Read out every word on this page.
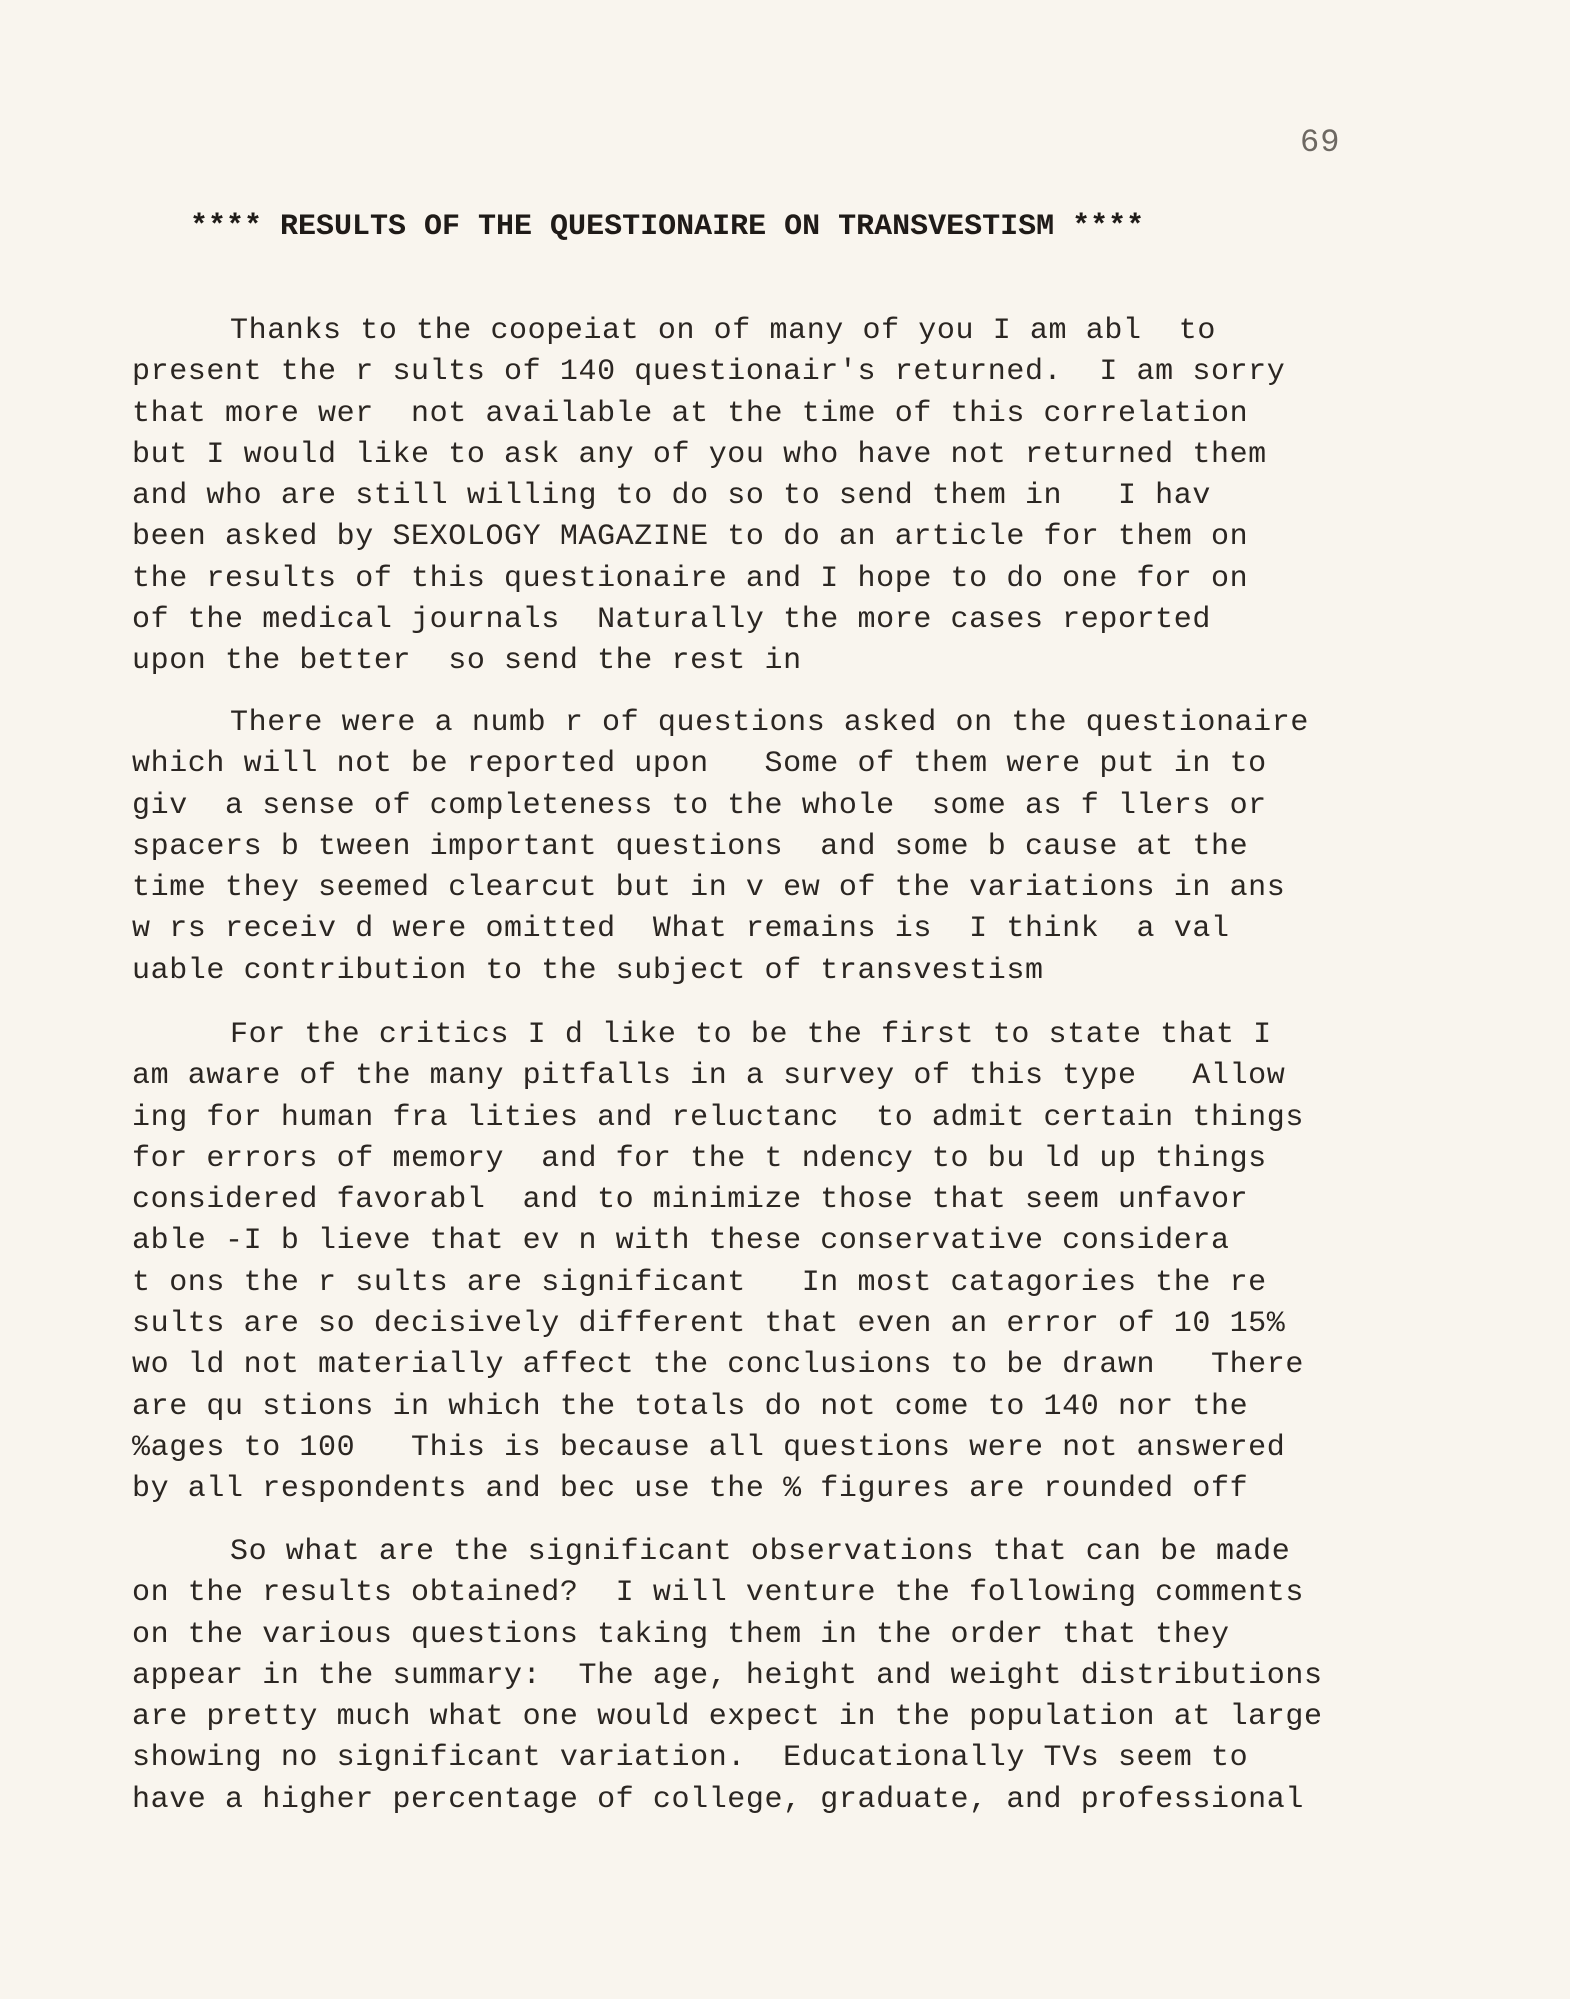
69
**** RESULTS OF THE QUESTIONAIRE ON TRANSVESTISM ****
Thanks to the coopeiat on of many of you I am abl  to
present the r sults of 140 questionair's returned.  I am sorry
that more wer  not available at the time of this correlation
but I would like to ask any of you who have not returned them
and who are still willing to do so to send them in   I hav
been asked by SEXOLOGY MAGAZINE to do an article for them on
the results of this questionaire and I hope to do one for on
of the medical journals  Naturally the more cases reported
upon the better  so send the rest in
There were a numb r of questions asked on the questionaire
which will not be reported upon   Some of them were put in to
giv  a sense of completeness to the whole  some as f llers or
spacers b tween important questions  and some b cause at the
time they seemed clearcut but in v ew of the variations in ans
w rs receiv d were omitted  What remains is  I think  a val
uable contribution to the subject of transvestism
For the critics I d like to be the first to state that I
am aware of the many pitfalls in a survey of this type   Allow
ing for human fra lities and reluctanc  to admit certain things
for errors of memory  and for the t ndency to bu ld up things
considered favorabl  and to minimize those that seem unfavor
able -I b lieve that ev n with these conservative considera
t ons the r sults are significant   In most catagories the re
sults are so decisively different that even an error of 10 15%
wo ld not materially affect the conclusions to be drawn   There
are qu stions in which the totals do not come to 140 nor the
%ages to 100   This is because all questions were not answered
by all respondents and bec use the % figures are rounded off
So what are the significant observations that can be made
on the results obtained?  I will venture the following comments
on the various questions taking them in the order that they
appear in the summary:  The age, height and weight distributions
are pretty much what one would expect in the population at large
showing no significant variation.  Educationally TVs seem to
have a higher percentage of college, graduate, and professional
